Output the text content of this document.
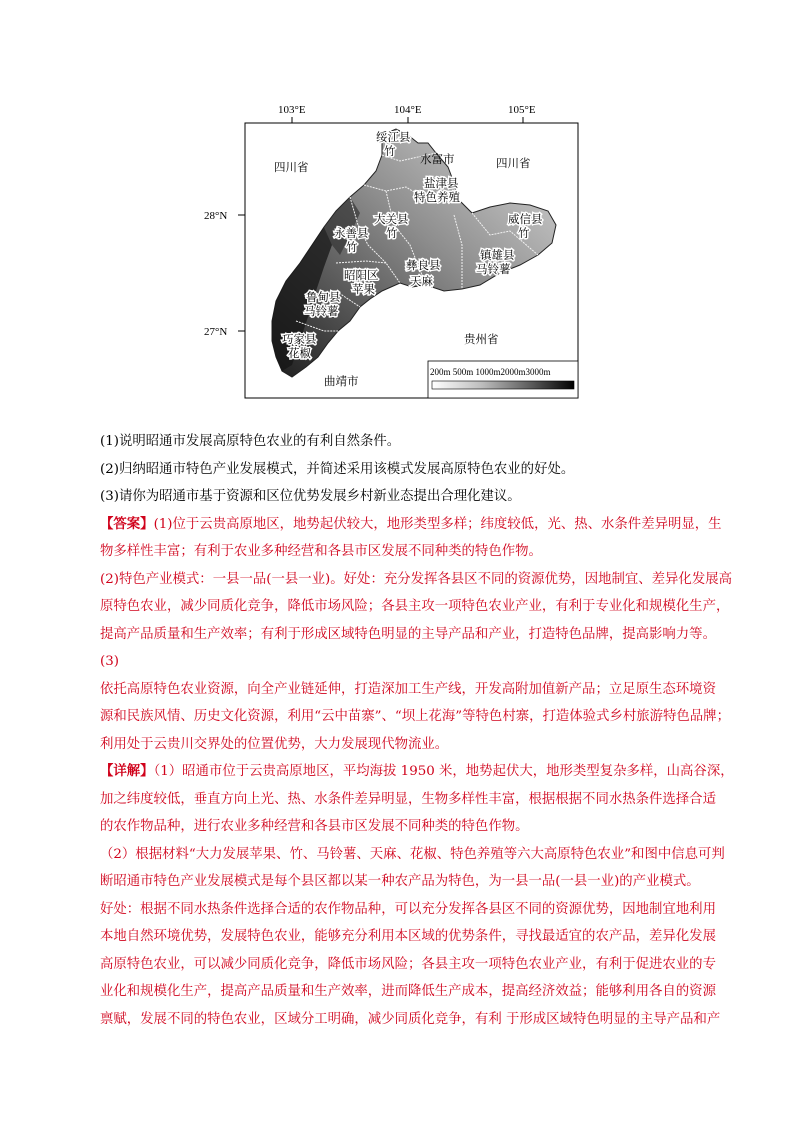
103°E	104°E	105°E
28°N
27°N
四川省	四川省
贵州省
曲靖市
水富市
绥江县
竹
盐津县
特色养殖
大关县
竹
永善县
竹
威信县
竹
彝良县
天麻
镇雄县
马铃薯
昭阳区
苹果
鲁甸县
马铃薯
巧家县
花椒
200m 500m 1000m2000m3000m

(1)说明昭通市发展高原特色农业的有利自然条件。

(2)归纳昭通市特色产业发展模式，并简述采用该模式发展高原特色农业的好处。

(3)请你为昭通市基于资源和区位优势发展乡村新业态提出合理化建议。

【答案】(1)位于云贵高原地区，地势起伏较大，地形类型多样；纬度较低，光、热、水条件差异明显，生

物多样性丰富；有利于农业多种经营和各县市区发展不同种类的特色作物。

(2)特色产业模式：一县一品(一县一业)。好处：充分发挥各县区不同的资源优势，因地制宜、差异化发展高

原特色农业，减少同质化竞争，降低市场风险；各县主攻一项特色农业产业，有利于专业化和规模化生产，

提高产品质量和生产效率；有利于形成区域特色明显的主导产品和产业，打造特色品牌，提高影响力等。

(3)

依托高原特色农业资源，向全产业链延伸，打造深加工生产线，开发高附加值新产品；立足原生态环境资

源和民族风情、历史文化资源，利用“云中苗寨”、“坝上花海”等特色村寨，打造体验式乡村旅游特色品牌；

利用处于云贵川交界处的位置优势，大力发展现代物流业。

【详解】（1）昭通市位于云贵高原地区，平均海拔 1950 米，地势起伏大，地形类型复杂多样，山高谷深，

加之纬度较低，垂直方向上光、热、水条件差异明显，生物多样性丰富，根据根据不同水热条件选择合适

的农作物品种，进行农业多种经营和各县市区发展不同种类的特色作物。

（2）根据材料“大力发展苹果、竹、马铃薯、天麻、花椒、特色养殖等六大高原特色农业”和图中信息可判

断昭通市特色产业发展模式是每个县区都以某一种农产品为特色，为一县一品(一县一业)的产业模式。

好处：根据不同水热条件选择合适的农作物品种，可以充分发挥各县区不同的资源优势，因地制宜地利用

本地自然环境优势，发展特色农业，能够充分利用本区域的优势条件，寻找最适宜的农产品，差异化发展

高原特色农业，可以减少同质化竞争，降低市场风险；各县主攻一项特色农业产业，有利于促进农业的专

业化和规模化生产，提高产品质量和生产效率，进而降低生产成本，提高经济效益；能够利用各自的资源

禀赋，发展不同的特色农业，区域分工明确，减少同质化竞争，有利 于形成区域特色明显的主导产品和产
